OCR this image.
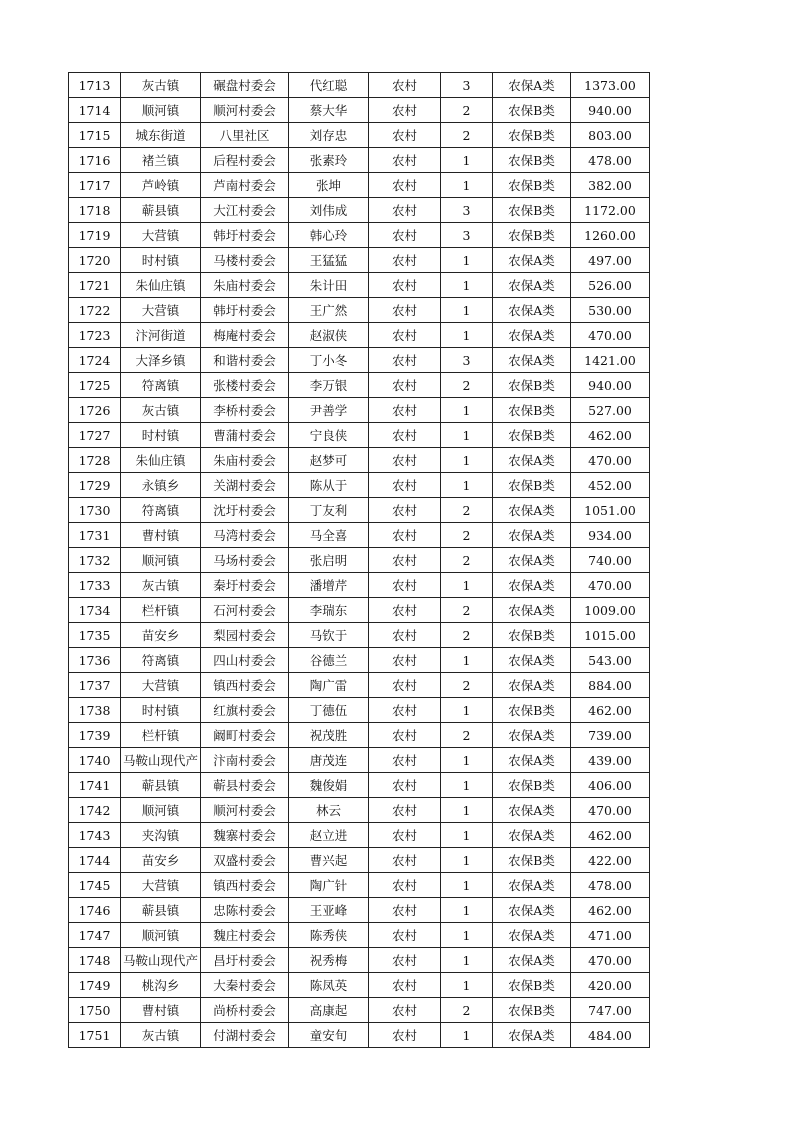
1713	灰古镇	碾盘村委会	代红聪	农村	3	农保A类	1373.00
1714	顺河镇	顺河村委会	蔡大华	农村	2	农保B类	940.00
1715	城东街道	八里社区	刘存忠	农村	2	农保B类	803.00
1716	褚兰镇	后程村委会	张素玲	农村	1	农保B类	478.00
1717	芦岭镇	芦南村委会	张坤	农村	1	农保B类	382.00
1718	蕲县镇	大江村委会	刘伟成	农村	3	农保B类	1172.00
1719	大营镇	韩圩村委会	韩心玲	农村	3	农保B类	1260.00
1720	时村镇	马楼村委会	王猛猛	农村	1	农保A类	497.00
1721	朱仙庄镇	朱庙村委会	朱计田	农村	1	农保A类	526.00
1722	大营镇	韩圩村委会	王广然	农村	1	农保A类	530.00
1723	汴河街道	梅庵村委会	赵淑侠	农村	1	农保A类	470.00
1724	大泽乡镇	和谐村委会	丁小冬	农村	3	农保A类	1421.00
1725	符离镇	张楼村委会	李万银	农村	2	农保B类	940.00
1726	灰古镇	李桥村委会	尹善学	农村	1	农保B类	527.00
1727	时村镇	曹蒲村委会	宁良侠	农村	1	农保B类	462.00
1728	朱仙庄镇	朱庙村委会	赵梦可	农村	1	农保A类	470.00
1729	永镇乡	关湖村委会	陈从于	农村	1	农保B类	452.00
1730	符离镇	沈圩村委会	丁友利	农村	2	农保A类	1051.00
1731	曹村镇	马湾村委会	马全喜	农村	2	农保A类	934.00
1732	顺河镇	马场村委会	张启明	农村	2	农保A类	740.00
1733	灰古镇	秦圩村委会	潘增芹	农村	1	农保A类	470.00
1734	栏杆镇	石河村委会	李瑞东	农村	2	农保A类	1009.00
1735	苗安乡	梨园村委会	马钦于	农村	2	农保B类	1015.00
1736	符离镇	四山村委会	谷德兰	农村	1	农保A类	543.00
1737	大营镇	镇西村委会	陶广雷	农村	2	农保A类	884.00
1738	时村镇	红旗村委会	丁德伍	农村	1	农保B类	462.00
1739	栏杆镇	阚町村委会	祝茂胜	农村	2	农保A类	739.00
1740	马鞍山现代产	汴南村委会	唐茂连	农村	1	农保A类	439.00
1741	蕲县镇	蕲县村委会	魏俊娟	农村	1	农保B类	406.00
1742	顺河镇	顺河村委会	林云	农村	1	农保A类	470.00
1743	夹沟镇	魏寨村委会	赵立进	农村	1	农保A类	462.00
1744	苗安乡	双盛村委会	曹兴起	农村	1	农保B类	422.00
1745	大营镇	镇西村委会	陶广针	农村	1	农保A类	478.00
1746	蕲县镇	忠陈村委会	王亚峰	农村	1	农保A类	462.00
1747	顺河镇	魏庄村委会	陈秀侠	农村	1	农保A类	471.00
1748	马鞍山现代产	昌圩村委会	祝秀梅	农村	1	农保A类	470.00
1749	桃沟乡	大秦村委会	陈凤英	农村	1	农保B类	420.00
1750	曹村镇	尚桥村委会	高康起	农村	2	农保B类	747.00
1751	灰古镇	付湖村委会	童安旬	农村	1	农保A类	484.00
